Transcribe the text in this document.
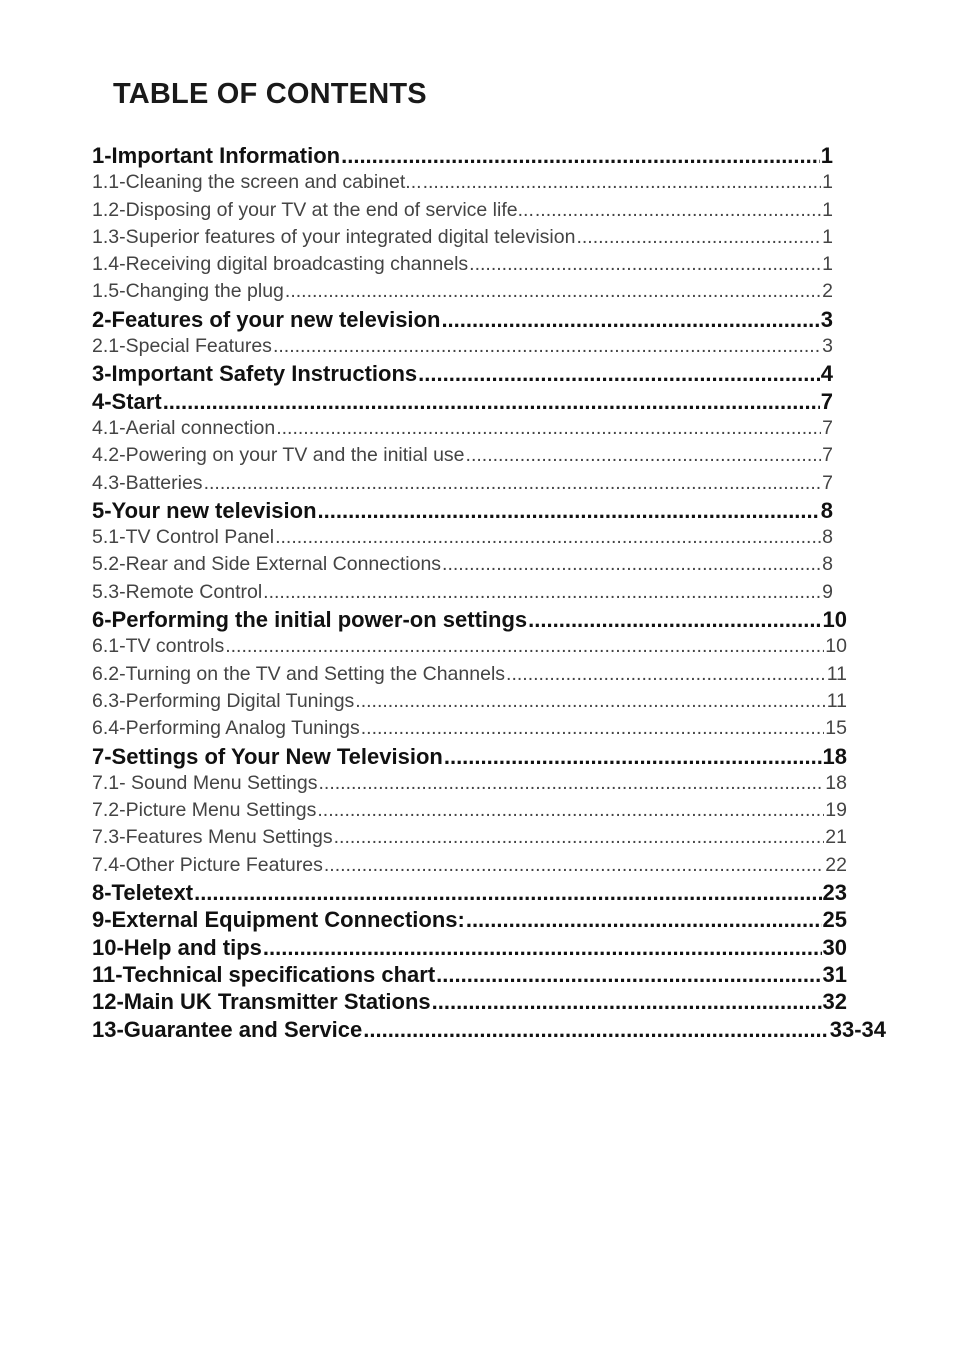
TABLE OF CONTENTS
1-Important Information .....	1
1.1-Cleaning the screen and cabinet... .....	1
1.2-Disposing of your TV at the end of service life... .....	1
1.3-Superior features of your integrated digital television .....	1
1.4-Receiving digital broadcasting channels .....	1
1.5-Changing the plug .....	2
2-Features of your new television .....	3
2.1-Special Features .....	3
3-Important Safety Instructions .....	4
4-Start .....	7
4.1-Aerial connection .....	7
4.2-Powering on your TV and the initial use .....	7
4.3-Batteries .....	7
5-Your new television .....	8
5.1-TV Control Panel .....	8
5.2-Rear and Side External Connections .....	8
5.3-Remote Control .....	9
6-Performing the initial power-on settings .....	10
6.1-TV controls .....	10
6.2-Turning on the TV and Setting the Channels .....	11
6.3-Performing Digital Tunings .....	11
6.4-Performing Analog Tunings .....	15
7-Settings of Your New Television .....	18
7.1- Sound Menu Settings .....	18
7.2-Picture Menu Settings .....	19
7.3-Features Menu Settings .....	21
7.4-Other Picture Features .....	22
8-Teletext .....	23
9-External Equipment Connections: .....	25
10-Help and tips .....	30
11-Technical specifications chart .....	31
12-Main UK Transmitter Stations .....	32
13-Guarantee and Service .....	33-34
